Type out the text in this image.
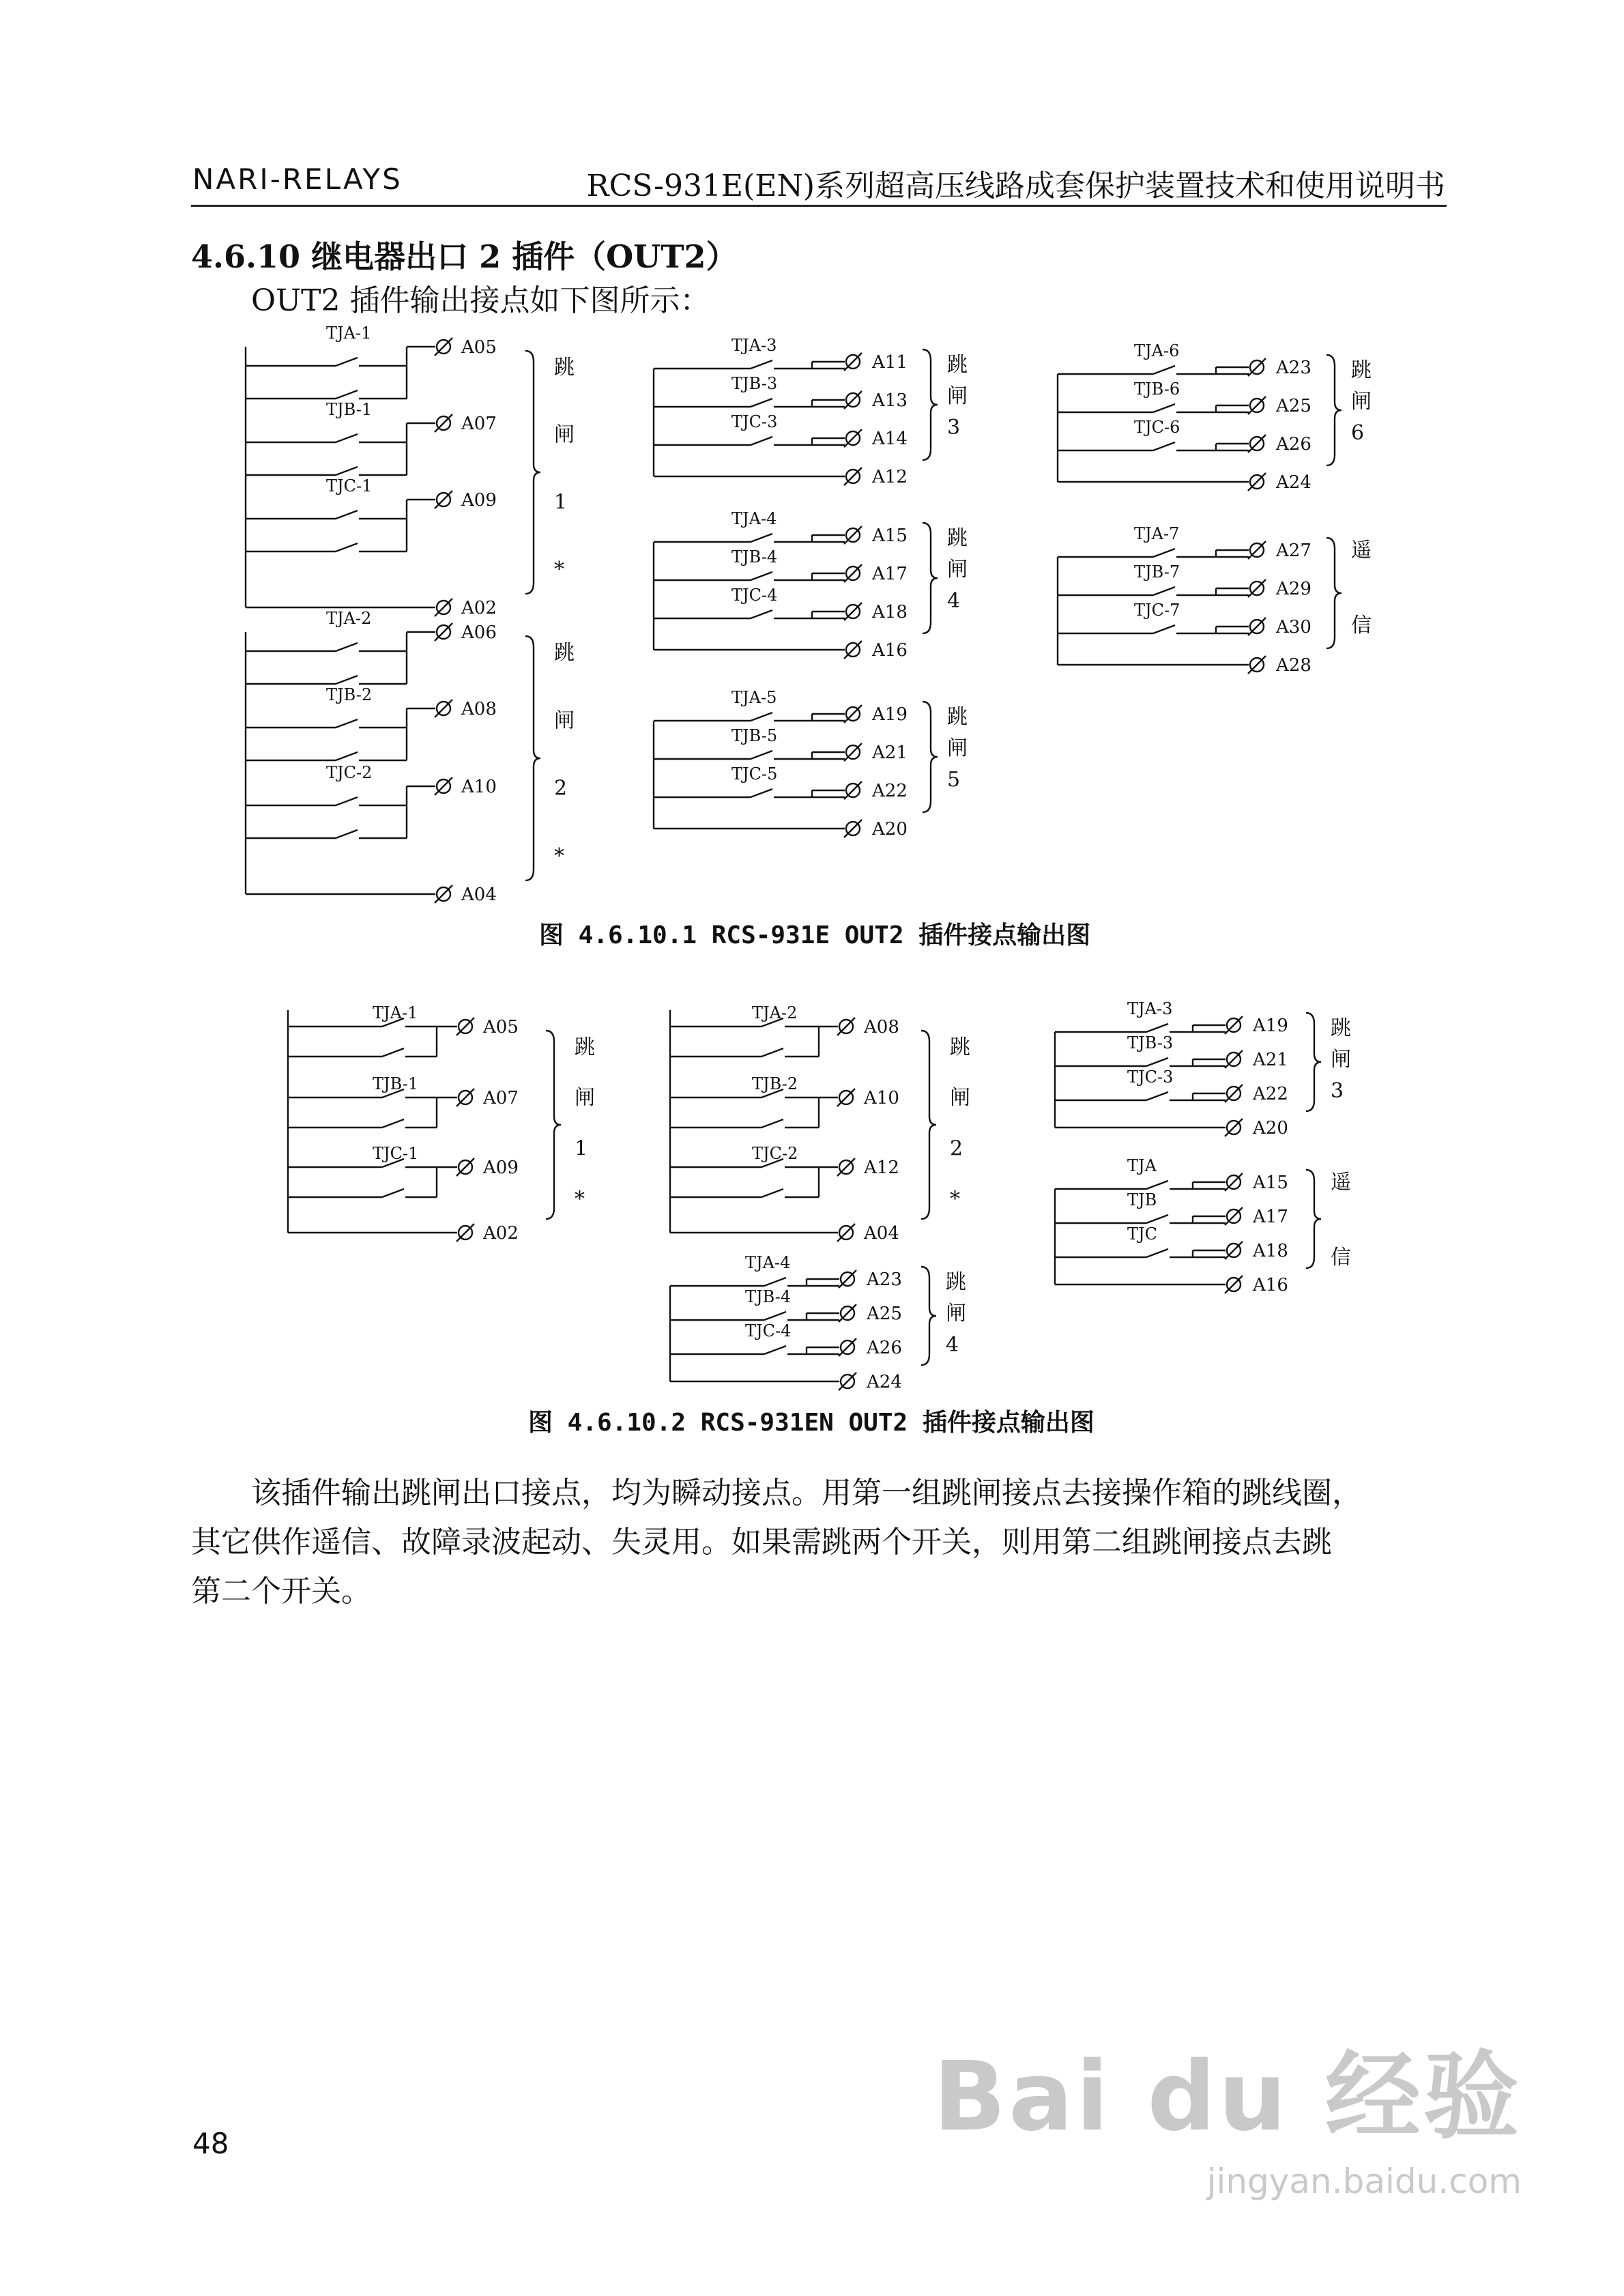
NARI-RELAYS	RCS-931E(EN)系列超高压线路成套保护装置技术和使用说明书
4.6.10 继电器出口 2 插件（OUT2）
OUT2 插件输出接点如下图所示：
TJA-1
A05
TJB-1
A07
TJC-1
A09
A02
跳
闸
1
*
TJA-2
A06
TJB-2
A08
TJC-2
A10
A04
跳
闸
2
*
TJA-3
A11
TJB-3
A13
TJC-3
A14
A12
跳
闸
3
TJA-4
A15
TJB-4
A17
TJC-4
A18
A16
跳
闸
4
TJA-5
A19
TJB-5
A21
TJC-5
A22
A20
跳
闸
5
TJA-6
A23
TJB-6
A25
TJC-6
A26
A24
跳
闸
6
TJA-7
A27
TJB-7
A29
TJC-7
A30
A28
遥
信
图 4.6.10.1 RCS-931E OUT2 插件接点输出图
TJA-1
A05
TJB-1
A07
TJC-1
A09
A02
跳
闸
1
*
TJA-2
A08
TJB-2
A10
TJC-2
A12
A04
跳
闸
2
*
TJA-4
A23
TJB-4
A25
TJC-4
A26
A24
跳
闸
4
TJA-3
A19
TJB-3
A21
TJC-3
A22
A20
跳
闸
3
TJA
A15
TJB
A17
TJC
A18
A16
遥
信
图 4.6.10.2 RCS-931EN OUT2 插件接点输出图

　　该插件输出跳闸出口接点，均为瞬动接点。用第一组跳闸接点去接操作箱的跳线圈，

其它供作遥信、故障录波起动、失灵用。如果需跳两个开关，则用第二组跳闸接点去跳

第二个开关。

48	Bai du 经验
jingyan.baidu.com
